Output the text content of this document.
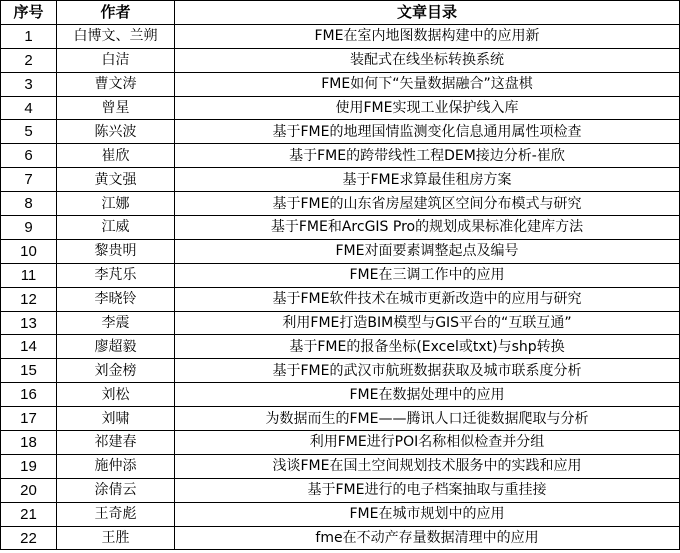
序号	作者	文章目录
1	白博文、兰朔	FME在室内地图数据构建中的应用新
2	白洁	装配式在线坐标转换系统
3	曹文涛	FME如何下“矢量数据融合”这盘棋
4	曾星	使用FME实现工业保护线入库
5	陈兴波	基于FME的地理国情监测变化信息通用属性项检查
6	崔欣	基于FME的跨带线性工程DEM接边分析-崔欣
7	黄文强	基于FME求算最佳租房方案
8	江娜	基于FME的山东省房屋建筑区空间分布模式与研究
9	江威	基于FME和ArcGIS Pro的规划成果标准化建库方法
10	黎贵明	FME对面要素调整起点及编号
11	李芃乐	FME在三调工作中的应用
12	李晓铃	基于FME软件技术在城市更新改造中的应用与研究
13	李震	利用FME打造BIM模型与GIS平台的“互联互通”
14	廖超毅	基于FME的报备坐标(Excel或txt)与shp转换
15	刘金榜	基于FME的武汉市航班数据获取及城市联系度分析
16	刘松	FME在数据处理中的应用
17	刘啸	为数据而生的FME——腾讯人口迁徙数据爬取与分析
18	祁建春	利用FME进行POI名称相似检查并分组
19	施仲添	浅谈FME在国土空间规划技术服务中的实践和应用
20	涂倩云	基于FME进行的电子档案抽取与重挂接
21	王奇彪	FME在城市规划中的应用
22	王胜	fme在不动产存量数据清理中的应用
